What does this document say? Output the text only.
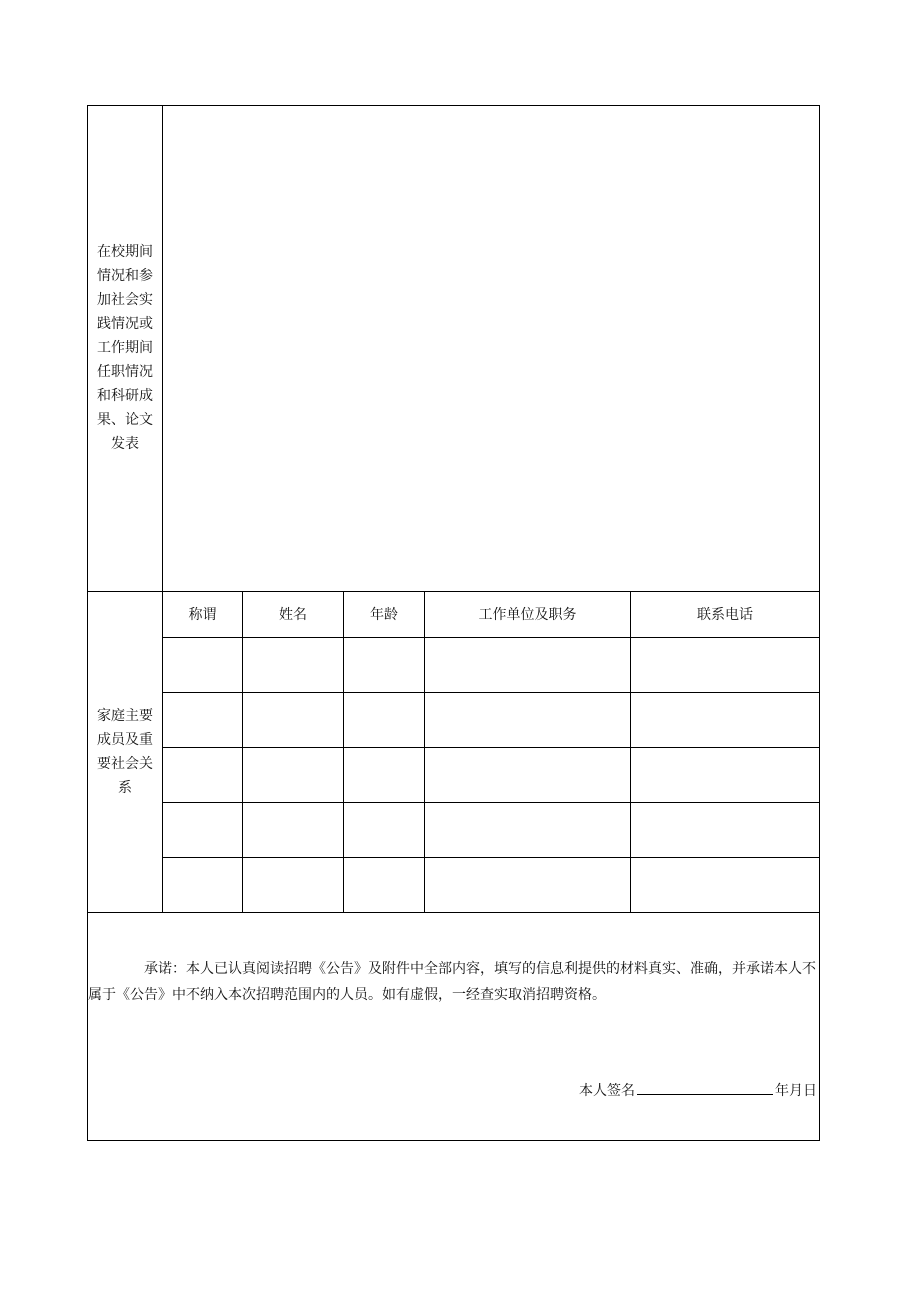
在校期间
情况和参
加社会实
践情况或
工作期间
任职情况
和科研成
果、论文
发表
家庭主要
成员及重
要社会关
系
称谓	姓名	年龄	工作单位及职务	联系电话
承诺：本人已认真阅读招聘《公告》及附件中全部内容，填写的信息利提供的材料真实、准确，并承诺本人不属于《公告》中不纳入本次招聘范围内的人员。如有虚假，一经查实取消招聘资格。
本人签名	年月日
